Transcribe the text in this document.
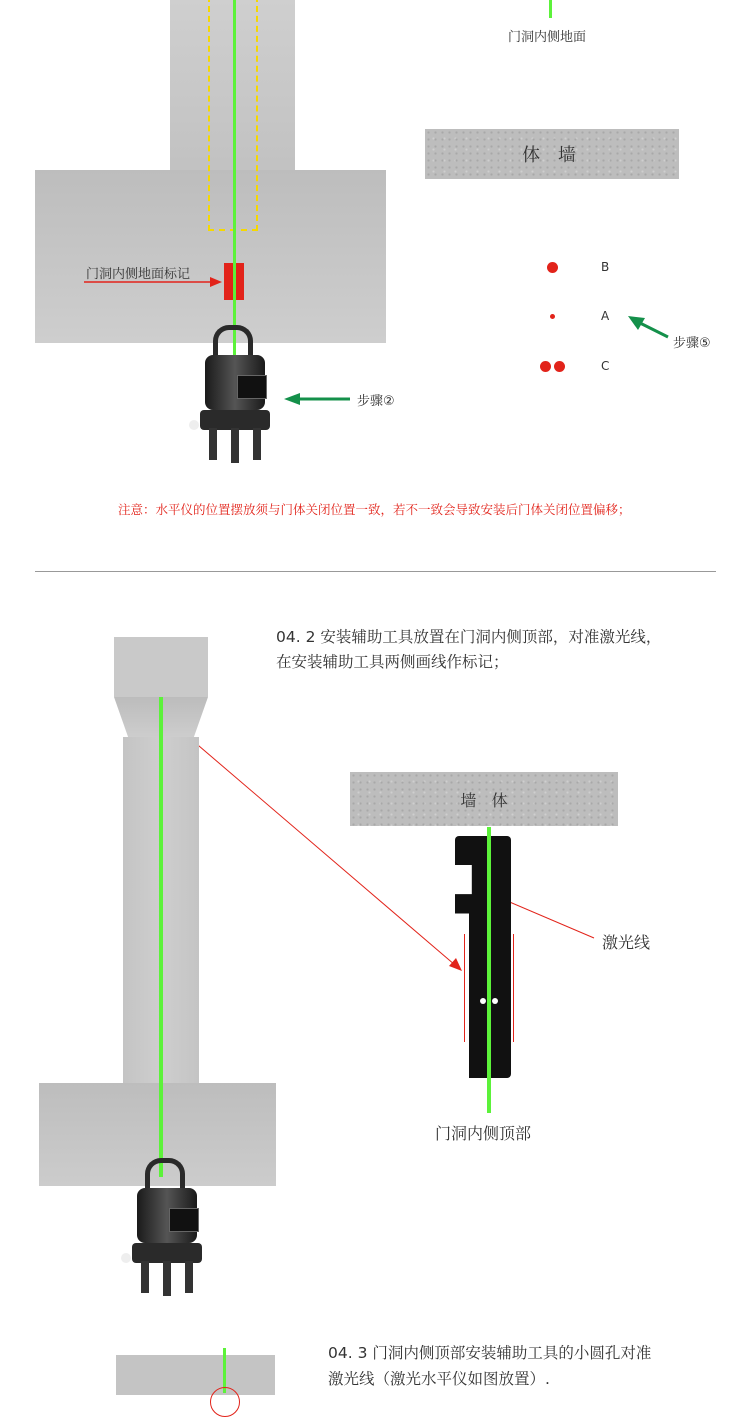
门洞内侧地面标记
步骤②
门洞内侧地面
体 墙
B
A
C
步骤⑤
注意：水平仪的位置摆放须与门体关闭位置一致，若不一致会导致安装后门体关闭位置偏移；
04. 2 安装辅助工具放置在门洞内侧顶部，对准激光线，
在安装辅助工具两侧画线作标记；
墙   体
激光线
门洞内侧顶部
04. 3 门洞内侧顶部安装辅助工具的小圆孔对准
激光线（激光水平仪如图放置）.
